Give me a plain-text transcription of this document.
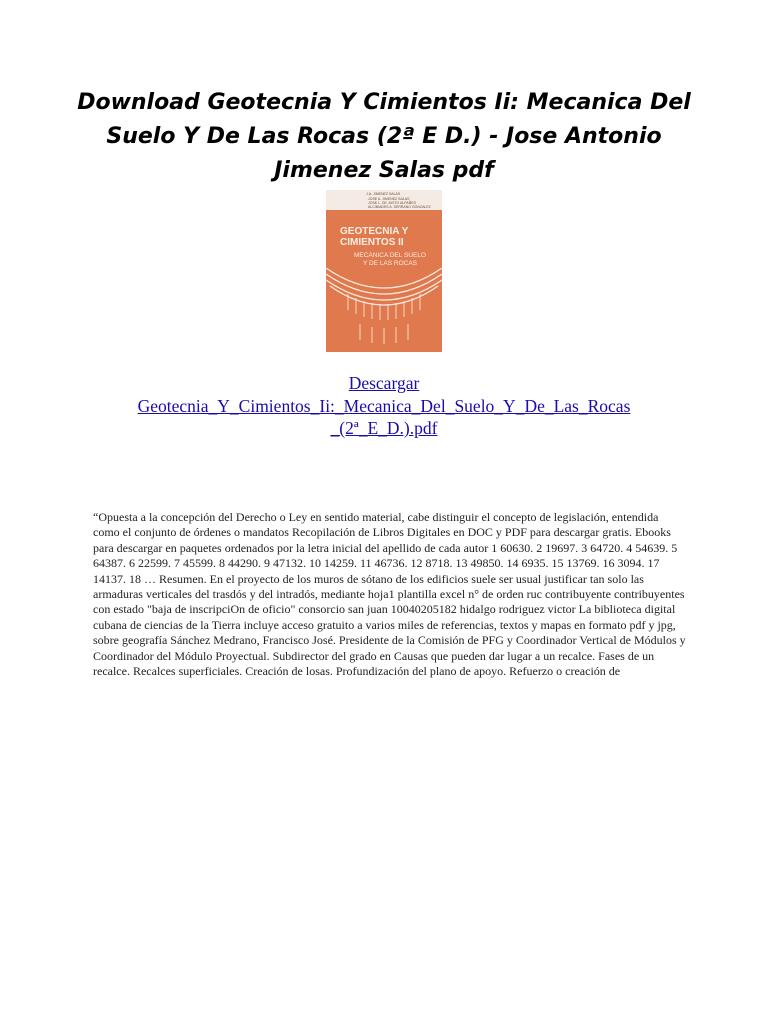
Download Geotecnia Y Cimientos Ii: Mecanica Del Suelo Y De Las Rocas (2ª E D.) - Jose Antonio Jimenez Salas pdf
J.A. JIMENEZ SALAS
JOSE A. JIMENEZ SALAS
JOSE L. DE JUSTO ALPAÑES
ALCIBIADES A. SERRANO GONZALEZ
GEOTECNIA Y
CIMIENTOS II
MECANICA DEL SUELO
Y DE LAS ROCAS
Descargar
Geotecnia_Y_Cimientos_Ii:_Mecanica_Del_Suelo_Y_De_Las_Rocas
_(2ª_E_D.).pdf

“Opuesta a la concepción del Derecho o Ley en sentido material, cabe distinguir el concepto de legislación, entendida como el conjunto de órdenes o mandatos Recopilación de Libros Digitales en DOC y PDF para descargar gratis. Ebooks para descargar en paquetes ordenados por la letra inicial del apellido de cada autor 1 60630. 2 19697. 3 64720. 4 54639. 5 64387. 6 22599. 7 45599. 8 44290. 9 47132. 10 14259. 11 46736. 12 8718. 13 49850. 14 6935. 15 13769. 16 3094. 17 14137. 18 … Resumen. En el proyecto de los muros de sótano de los edificios suele ser usual justificar tan solo las armaduras verticales del trasdós y del intradós, mediante hoja1 plantilla excel n° de orden ruc contribuyente contribuyentes con estado "baja de inscripciOn de oficio" consorcio san juan 10040205182 hidalgo rodriguez victor La biblioteca digital cubana de ciencias de la Tierra incluye acceso gratuito a varios miles de referencias, textos y mapas en formato pdf y jpg, sobre geografía Sánchez Medrano, Francisco José. Presidente de la Comisión de PFG y Coordinador Vertical de Módulos y Coordinador del Módulo Proyectual. Subdirector del grado en Causas que pueden dar lugar a un recalce. Fases de un recalce. Recalces superficiales. Creación de losas. Profundización del plano de apoyo. Refuerzo o creación de
